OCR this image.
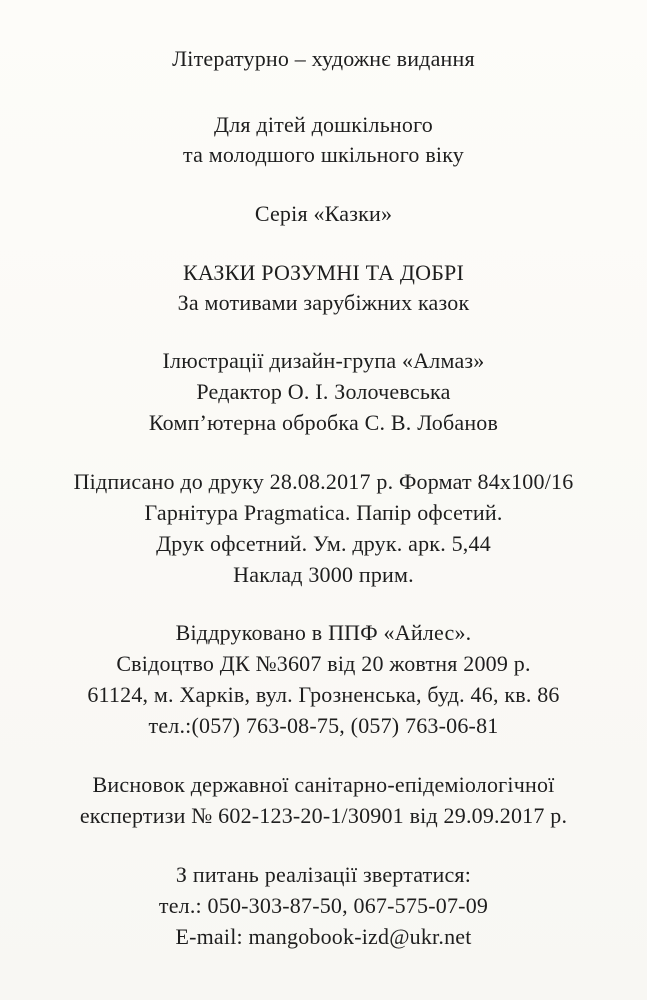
Літературно – художнє видання
Для дітей дошкільного
та молодшого шкільного віку
Серія «Казки»
КАЗКИ РОЗУМНІ ТА ДОБРІ
За мотивами зарубіжних казок
Ілюстрації дизайн-група «Алмаз»
Редактор О. І. Золочевська
Комп’ютерна обробка С. В. Лобанов
Підписано до друку 28.08.2017 р. Формат 84х100/16
Гарнітура Pragmatica. Папір офсетий.
Друк офсетний. Ум. друк. арк. 5,44
Наклад 3000 прим.
Віддруковано в ППФ «Айлес».
Свідоцтво ДК №3607 від 20 жовтня 2009 р.
61124, м. Харків, вул. Грозненська, буд. 46, кв. 86
тел.:(057) 763-08-75, (057) 763-06-81
Висновок державної санітарно-епідеміологічної
експертизи № 602-123-20-1/30901 від 29.09.2017 р.
З питань реалізації звертатися:
тел.: 050-303-87-50, 067-575-07-09
E-mail: mangobook-izd@ukr.net
